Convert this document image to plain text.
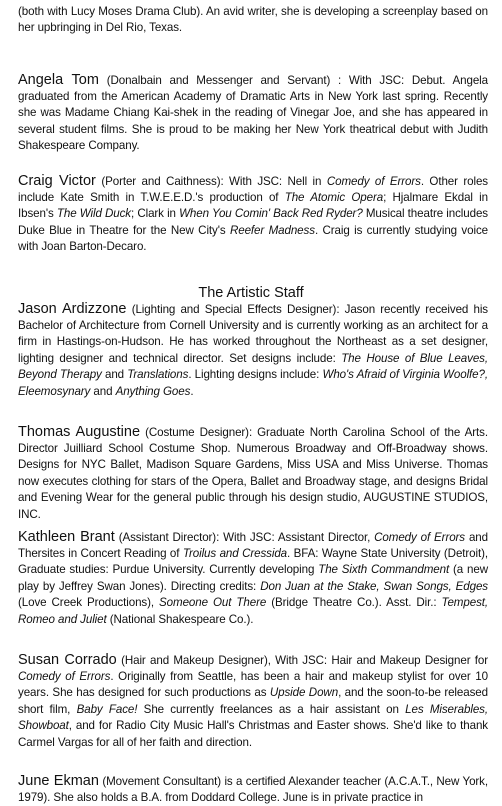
(both with Lucy Moses Drama Club). An avid writer, she is developing a screenplay based on her upbringing in Del Rio, Texas.

Angela Tom (Donalbain and Messenger and Servant) : With JSC: Debut. Angela graduated from the American Academy of Dramatic Arts in New York last spring. Recently she was Madame Chiang Kai-shek in the reading of Vinegar Joe, and she has appeared in several student films. She is proud to be making her New York theatrical debut with Judith Shakespeare Company.

Craig Victor (Porter and Caithness): With JSC: Nell in Comedy of Errors. Other roles include Kate Smith in T.W.E.E.D.'s production of The Atomic Opera; Hjalmare Ekdal in Ibsen's The Wild Duck; Clark in When You Comin' Back Red Ryder? Musical theatre includes Duke Blue in Theatre for the New City's Reefer Madness. Craig is currently studying voice with Joan Barton-Decaro.

The Artistic Staff

Jason Ardizzone (Lighting and Special Effects Designer): Jason recently received his Bachelor of Architecture from Cornell University and is currently working as an architect for a firm in Hastings-on-Hudson. He has worked throughout the Northeast as a set designer, lighting designer and technical director. Set designs include: The House of Blue Leaves, Beyond Therapy and Translations. Lighting designs include: Who's Afraid of Virginia Woolfe?, Eleemosynary and Anything Goes.

Thomas Augustine (Costume Designer): Graduate North Carolina School of the Arts. Director Juilliard School Costume Shop. Numerous Broadway and Off-Broadway shows. Designs for NYC Ballet, Madison Square Gardens, Miss USA and Miss Universe. Thomas now executes clothing for stars of the Opera, Ballet and Broadway stage, and designs Bridal and Evening Wear for the general public through his design studio, AUGUSTINE STUDIOS, INC.

Kathleen Brant (Assistant Director): With JSC: Assistant Director, Comedy of Errors and Thersites in Concert Reading of Troilus and Cressida. BFA: Wayne State University (Detroit), Graduate studies: Purdue University. Currently developing The Sixth Commandment (a new play by Jeffrey Swan Jones). Directing credits: Don Juan at the Stake, Swan Songs, Edges (Love Creek Productions), Someone Out There (Bridge Theatre Co.). Asst. Dir.: Tempest, Romeo and Juliet (National Shakespeare Co.).

Susan Corrado (Hair and Makeup Designer), With JSC: Hair and Makeup Designer for Comedy of Errors. Originally from Seattle, has been a hair and makeup stylist for over 10 years. She has designed for such productions as Upside Down, and the soon-to-be released short film, Baby Face! She currently freelances as a hair assistant on Les Miserables, Showboat, and for Radio City Music Hall's Christmas and Easter shows. She'd like to thank Carmel Vargas for all of her faith and direction.

June Ekman (Movement Consultant) is a certified Alexander teacher (A.C.A.T., New York, 1979). She also holds a B.A. from Doddard College. June is in private practice in
